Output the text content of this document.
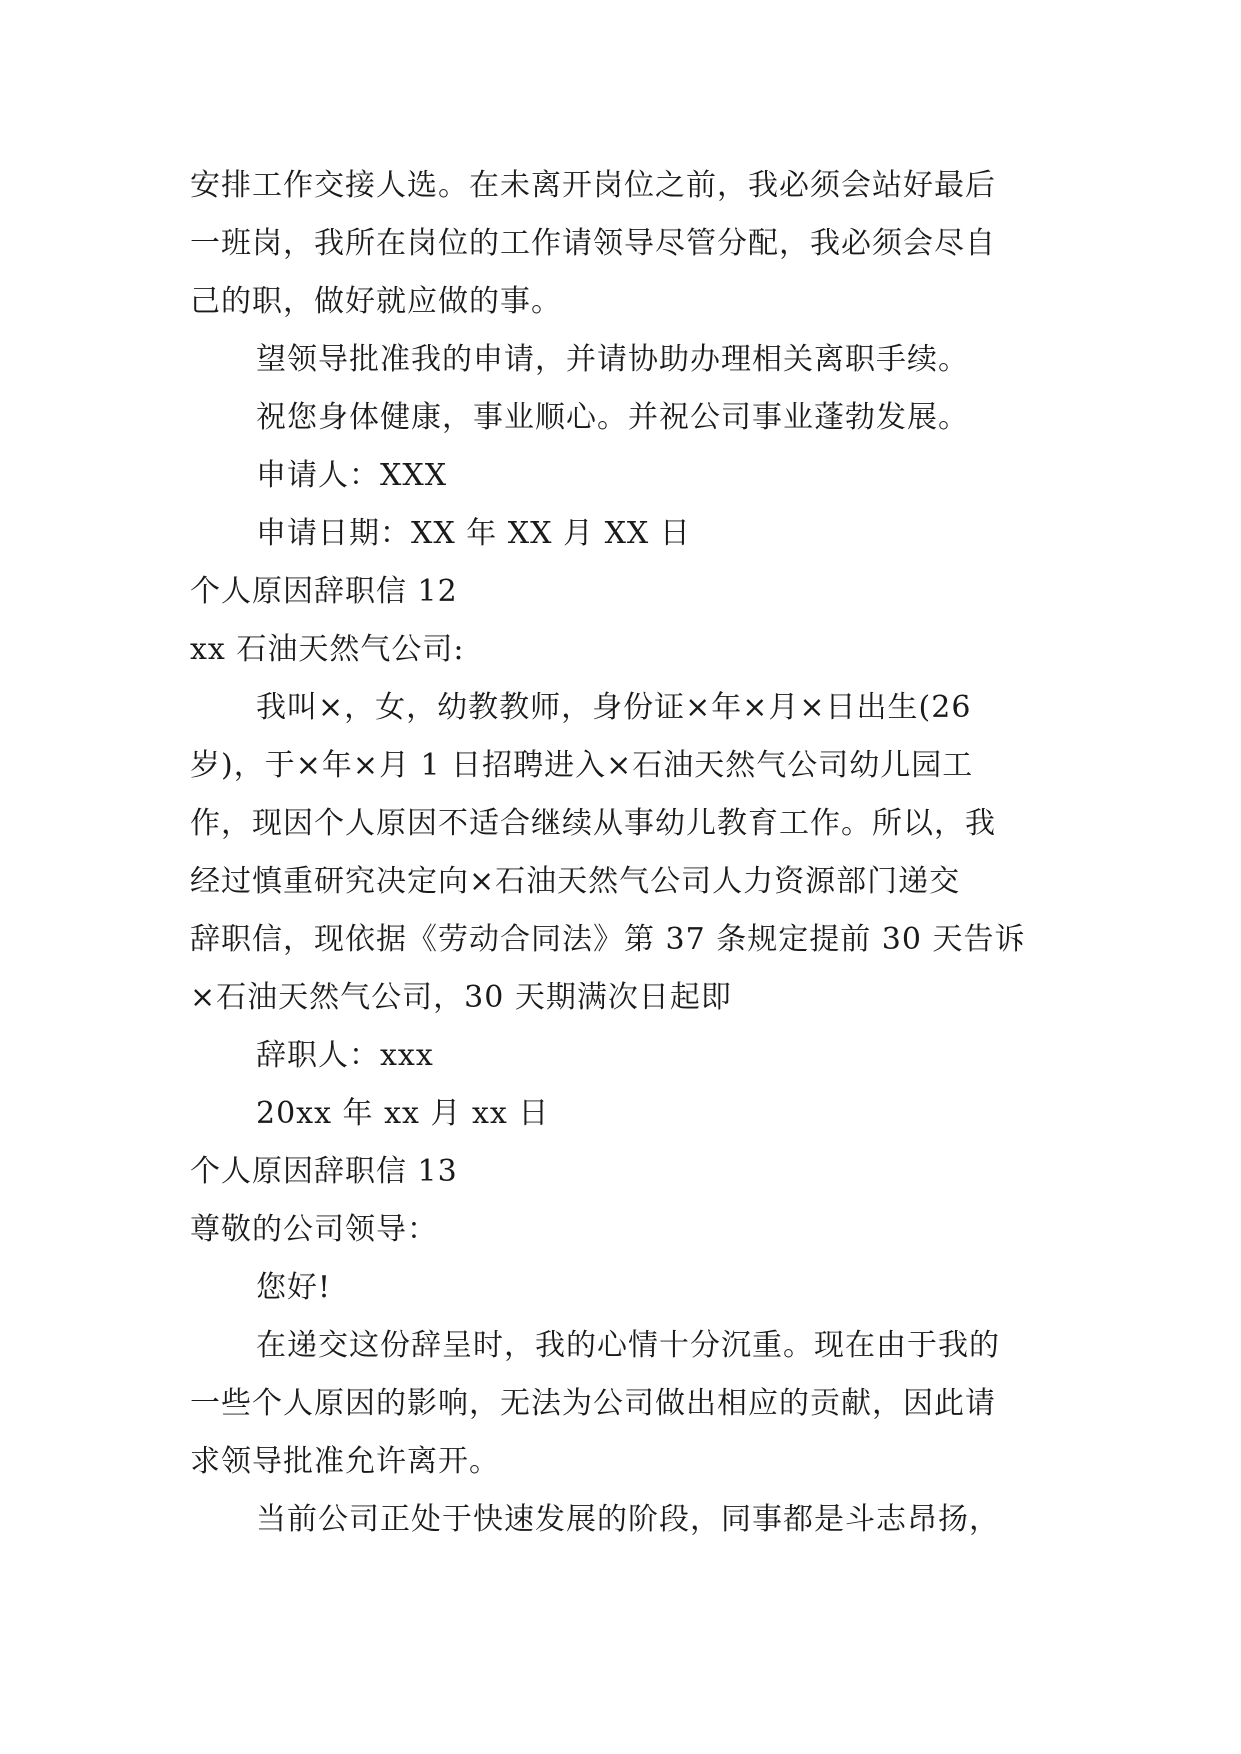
安排工作交接人选。在未离开岗位之前，我必须会站好最后
一班岗，我所在岗位的工作请领导尽管分配，我必须会尽自
己的职，做好就应做的事。
望领导批准我的申请，并请协助办理相关离职手续。
祝您身体健康，事业顺心。并祝公司事业蓬勃发展。
申请人：XXX
申请日期：XX 年 XX 月 XX 日
个人原因辞职信 12
xx 石油天然气公司:
我叫×，女，幼教教师，身份证×年×月×日出生(26
岁)，于×年×月 1 日招聘进入×石油天然气公司幼儿园工
作，现因个人原因不适合继续从事幼儿教育工作。所以，我
经过慎重研究决定向×石油天然气公司人力资源部门递交
辞职信，现依据《劳动合同法》第 37 条规定提前 30 天告诉
×石油天然气公司，30 天期满次日起即
辞职人：xxx
20xx 年 xx 月 xx 日
个人原因辞职信 13
尊敬的公司领导：
您好!
在递交这份辞呈时，我的心情十分沉重。现在由于我的
一些个人原因的影响，无法为公司做出相应的贡献，因此请
求领导批准允许离开。
当前公司正处于快速发展的阶段，同事都是斗志昂扬，
